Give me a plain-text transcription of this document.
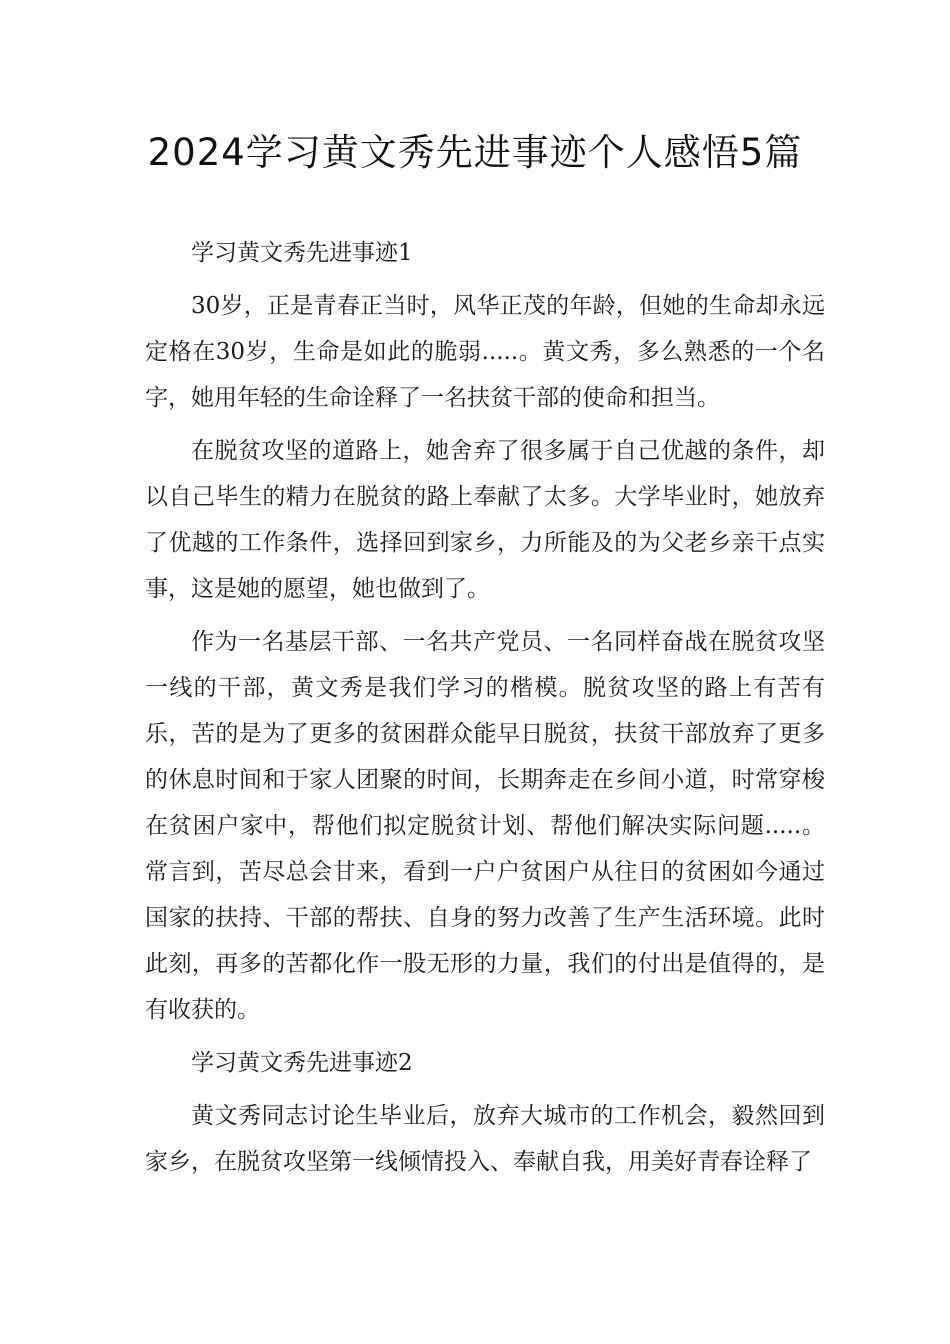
2024学习黄文秀先进事迹个人感悟5篇

学习黄文秀先进事迹1

30岁，正是青春正当时，风华正茂的年龄，但她的生命却永远定格在30岁，生命是如此的脆弱.....。黄文秀，多么熟悉的一个名字，她用年轻的生命诠释了一名扶贫干部的使命和担当。

在脱贫攻坚的道路上，她舍弃了很多属于自己优越的条件，却以自己毕生的精力在脱贫的路上奉献了太多。大学毕业时，她放弃了优越的工作条件，选择回到家乡，力所能及的为父老乡亲干点实事，这是她的愿望，她也做到了。

作为一名基层干部、一名共产党员、一名同样奋战在脱贫攻坚一线的干部，黄文秀是我们学习的楷模。脱贫攻坚的路上有苦有乐，苦的是为了更多的贫困群众能早日脱贫，扶贫干部放弃了更多的休息时间和于家人团聚的时间，长期奔走在乡间小道，时常穿梭在贫困户家中，帮他们拟定脱贫计划、帮他们解决实际问题.....。常言到，苦尽总会甘来，看到一户户贫困户从往日的贫困如今通过国家的扶持、干部的帮扶、自身的努力改善了生产生活环境。此时此刻，再多的苦都化作一股无形的力量，我们的付出是值得的，是有收获的。

学习黄文秀先进事迹2

黄文秀同志讨论生毕业后，放弃大城市的工作机会，毅然回到家乡，在脱贫攻坚第一线倾情投入、奉献自我，用美好青春诠释了
